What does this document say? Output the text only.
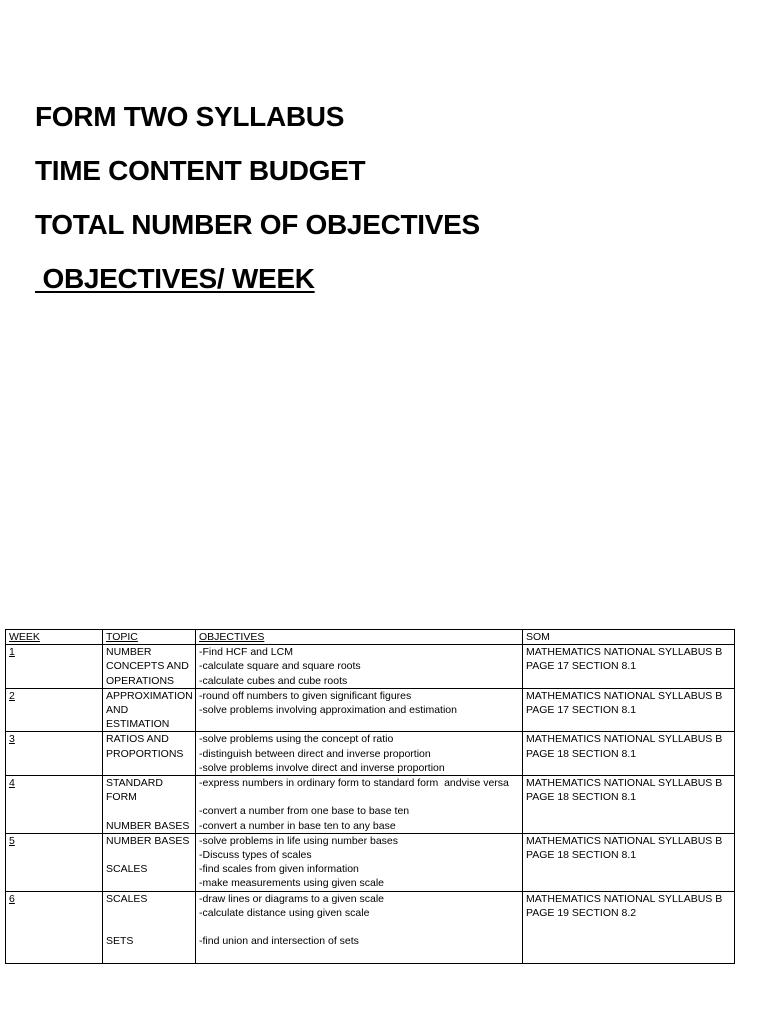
FORM TWO SYLLABUS
TIME CONTENT BUDGET
TOTAL NUMBER OF OBJECTIVES
OBJECTIVES/ WEEK
WEEK	TOPIC	OBJECTIVES	SOM
1	NUMBER
CONCEPTS AND
OPERATIONS	-Find HCF and LCM
-calculate square and square roots
-calculate cubes and cube roots	MATHEMATICS NATIONAL SYLLABUS B
PAGE 17 SECTION 8.1

2	APPROXIMATION
AND
ESTIMATION	-round off numbers to given significant figures
-solve problems involving approximation and estimation	MATHEMATICS NATIONAL SYLLABUS B
PAGE 17 SECTION 8.1

3	RATIOS AND
PROPORTIONS	-solve problems using the concept of ratio
-distinguish between direct and inverse proportion
-solve problems involve direct and inverse proportion	MATHEMATICS NATIONAL SYLLABUS B
PAGE 18 SECTION 8.1

4	STANDARD
FORM
NUMBER BASES	-express numbers in ordinary form to standard form  andvise versa
-convert a number from one base to base ten
-convert a number in base ten to any base	MATHEMATICS NATIONAL SYLLABUS B
PAGE 18 SECTION 8.1

5	NUMBER BASES
SCALES	-solve problems in life using number bases
-Discuss types of scales
-find scales from given information
-make measurements using given scale	MATHEMATICS NATIONAL SYLLABUS B
PAGE 18 SECTION 8.1

6	SCALES
SETS	-draw lines or diagrams to a given scale
-calculate distance using given scale
-find union and intersection of sets	MATHEMATICS NATIONAL SYLLABUS B
PAGE 19 SECTION 8.2
